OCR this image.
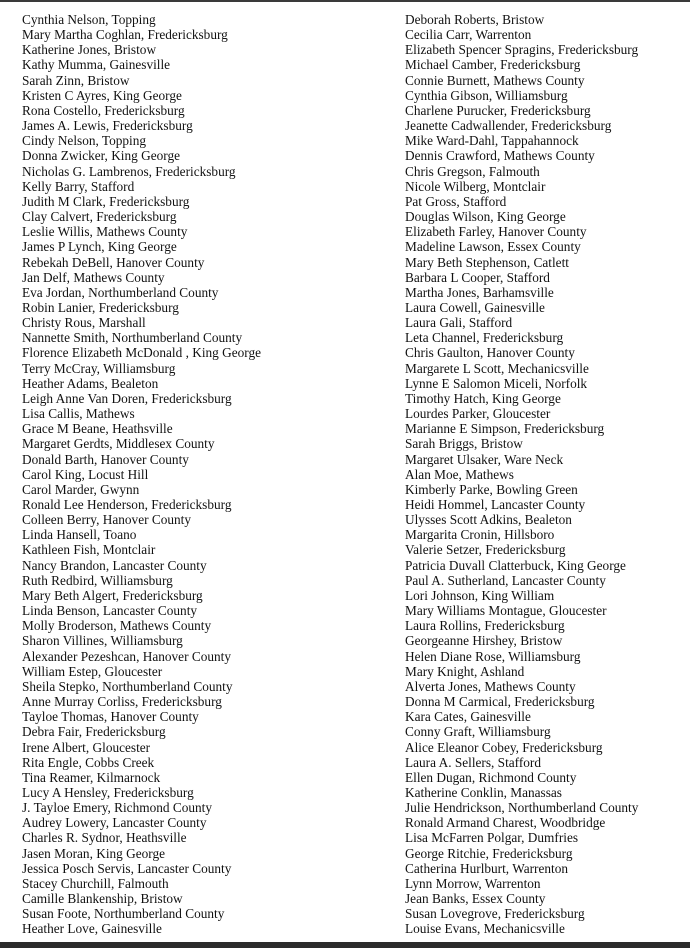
Cynthia Nelson, Topping
Mary Martha Coghlan, Fredericksburg
Katherine Jones, Bristow
Kathy Mumma, Gainesville
Sarah Zinn, Bristow
Kristen C Ayres, King George
Rona Costello, Fredericksburg
James A. Lewis, Fredericksburg
Cindy Nelson, Topping
Donna Zwicker, King George
Nicholas G. Lambrenos, Fredericksburg
Kelly Barry, Stafford
Judith M Clark, Fredericksburg
Clay Calvert, Fredericksburg
Leslie Willis, Mathews County
James P Lynch, King George
Rebekah DeBell, Hanover County
Jan Delf, Mathews County
Eva Jordan, Northumberland County
Robin Lanier, Fredericksburg
Christy Rous, Marshall
Nannette Smith, Northumberland County
Florence Elizabeth McDonald , King George
Terry McCray, Williamsburg
Heather Adams, Bealeton
Leigh Anne Van Doren, Fredericksburg
Lisa Callis, Mathews
Grace M Beane, Heathsville
Margaret Gerdts, Middlesex County
Donald Barth, Hanover County
Carol King, Locust Hill
Carol Marder, Gwynn
Ronald Lee Henderson, Fredericksburg
Colleen Berry, Hanover County
Linda Hansell, Toano
Kathleen Fish, Montclair
Nancy Brandon, Lancaster County
Ruth Redbird, Williamsburg
Mary Beth Algert, Fredericksburg
Linda Benson, Lancaster County
Molly Broderson, Mathews County
Sharon Villines, Williamsburg
Alexander Pezeshcan, Hanover County
William Estep, Gloucester
Sheila Stepko, Northumberland County
Anne Murray Corliss, Fredericksburg
Tayloe Thomas, Hanover County
Debra Fair, Fredericksburg
Irene Albert, Gloucester
Rita Engle, Cobbs Creek
Tina Reamer, Kilmarnock
Lucy A Hensley, Fredericksburg
J. Tayloe Emery, Richmond County
Audrey Lowery, Lancaster County
Charles R. Sydnor, Heathsville
Jasen Moran, King George
Jessica Posch Servis, Lancaster County
Stacey Churchill, Falmouth
Camille Blankenship, Bristow
Susan Foote, Northumberland County
Heather Love, Gainesville
Deborah Roberts, Bristow
Cecilia Carr, Warrenton
Elizabeth Spencer Spragins, Fredericksburg
Michael Camber, Fredericksburg
Connie Burnett, Mathews County
Cynthia Gibson, Williamsburg
Charlene Purucker, Fredericksburg
Jeanette Cadwallender, Fredericksburg
Mike Ward-Dahl, Tappahannock
Dennis Crawford, Mathews County
Chris Gregson, Falmouth
Nicole Wilberg, Montclair
Pat Gross, Stafford
Douglas Wilson, King George
Elizabeth Farley, Hanover County
Madeline Lawson, Essex County
Mary Beth Stephenson, Catlett
Barbara L Cooper, Stafford
Martha Jones, Barhamsville
Laura Cowell, Gainesville
Laura Gali, Stafford
Leta Channel, Fredericksburg
Chris Gaulton, Hanover County
Margarete L Scott, Mechanicsville
Lynne E Salomon Miceli, Norfolk
Timothy Hatch, King George
Lourdes Parker, Gloucester
Marianne E Simpson, Fredericksburg
Sarah Briggs, Bristow
Margaret Ulsaker, Ware Neck
Alan Moe, Mathews
Kimberly Parke, Bowling Green
Heidi Hommel, Lancaster County
Ulysses Scott Adkins, Bealeton
Margarita Cronin, Hillsboro
Valerie Setzer, Fredericksburg
Patricia Duvall Clatterbuck, King George
Paul A. Sutherland, Lancaster County
Lori Johnson, King William
Mary Williams Montague, Gloucester
Laura Rollins, Fredericksburg
Georgeanne Hirshey, Bristow
Helen Diane Rose, Williamsburg
Mary Knight, Ashland
Alverta Jones, Mathews County
Donna M Carmical, Fredericksburg
Kara Cates, Gainesville
Conny Graft, Williamsburg
Alice Eleanor Cobey, Fredericksburg
Laura A. Sellers, Stafford
Ellen Dugan, Richmond County
Katherine Conklin, Manassas
Julie Hendrickson, Northumberland County
Ronald Armand Charest, Woodbridge
Lisa McFarren Polgar, Dumfries
George Ritchie, Fredericksburg
Catherina Hurlburt, Warrenton
Lynn Morrow, Warrenton
Jean Banks, Essex County
Susan Lovegrove, Fredericksburg
Louise Evans, Mechanicsville
